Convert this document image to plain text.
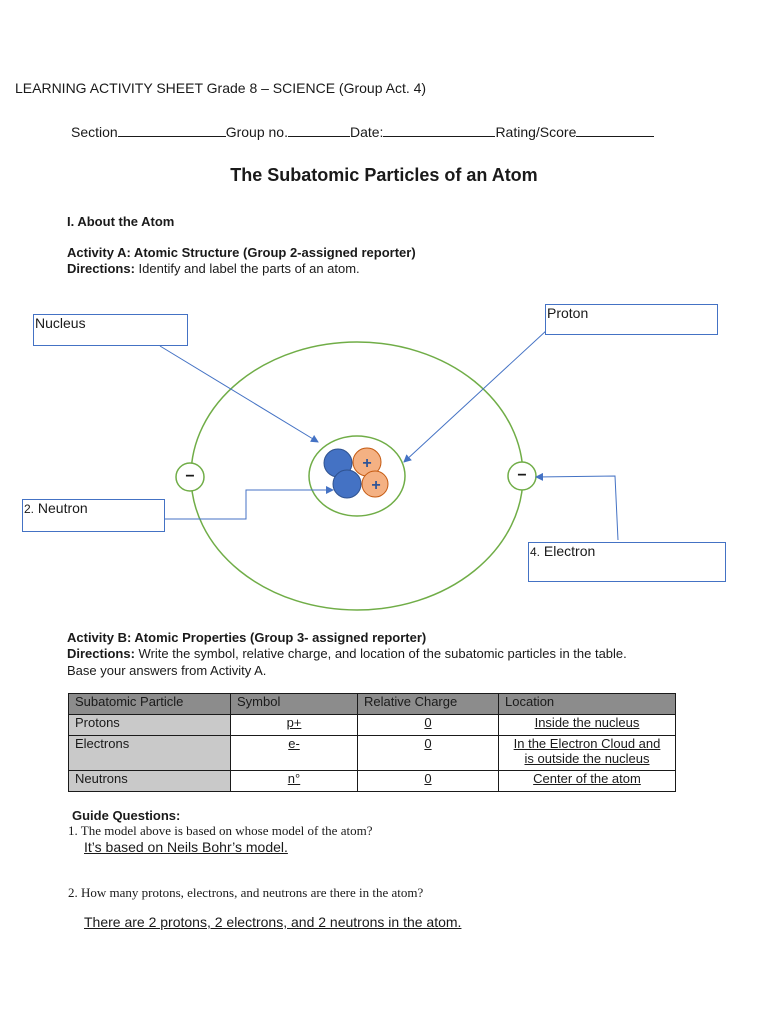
LEARNING ACTIVITY SHEET Grade 8 – SCIENCE (Group Act. 4)
Section	Group no.	Date:	Rating/Score
The Subatomic Particles of an Atom
I. About the Atom
Activity A: Atomic Structure (Group 2-assigned reporter)
Directions: Identify and label the parts of an atom.
−	−
+
+
Nucleus
Proton
2. Neutron
4. Electron
Activity B: Atomic Properties (Group 3- assigned reporter)
Directions: Write the symbol, relative charge, and location of the subatomic particles in the table.
Base your answers from Activity A.
Subatomic Particle	Symbol	Relative Charge	Location
Protons	p+	0	Inside the nucleus
Electrons	e-	0	In the Electron Cloud and
is outside the nucleus

Neutrons	n°	0	Center of the atom
Guide Questions:
1. The model above is based on whose model of the atom?
It’s based on Neils Bohr’s model.
2. How many protons, electrons, and neutrons are there in the atom?
There are 2 protons, 2 electrons, and 2 neutrons in the atom.
